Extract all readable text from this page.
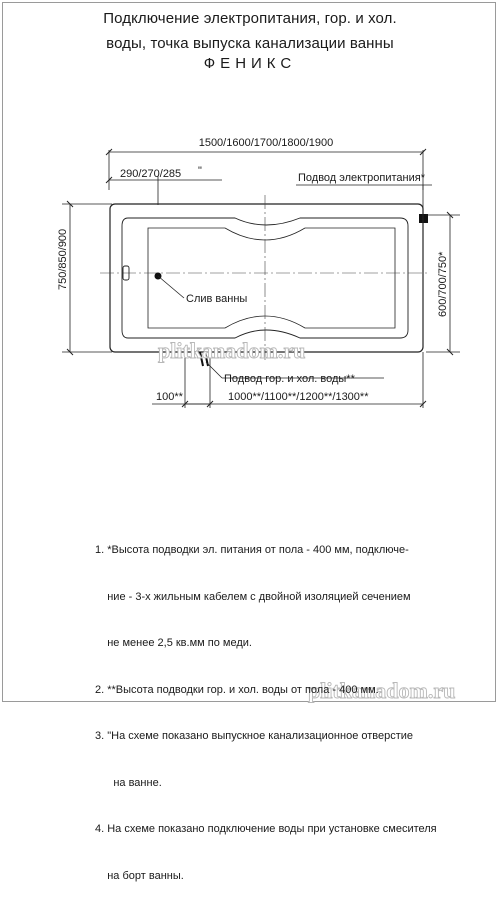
Подключение электропитания, гор. и хол.
воды, точка выпуска канализации ванны
ФЕНИКС
1500/1600/1700/1800/1900
290/270/285 "
Подвод электропитания*
750/850/900	600/700/750*
Слив ванны
Подвод гор. и хол. воды**
100**	1000**/1100**/1200**/1300**
plitkanadom.ru
plitkanadom.ru

1. *Высота подводки эл. питания от пола - 400 мм, подключе-

ние - 3-х жильным кабелем с двойной изоляцией сечением

не менее 2,5 кв.мм по меди.

2. **Высота подводки гор. и хол. воды от пола - 400 мм.

3. "На схеме показано выпускное канализационное отверстие

на ванне.

4. На схеме показано подключение воды при установке смесителя

на борт ванны.
